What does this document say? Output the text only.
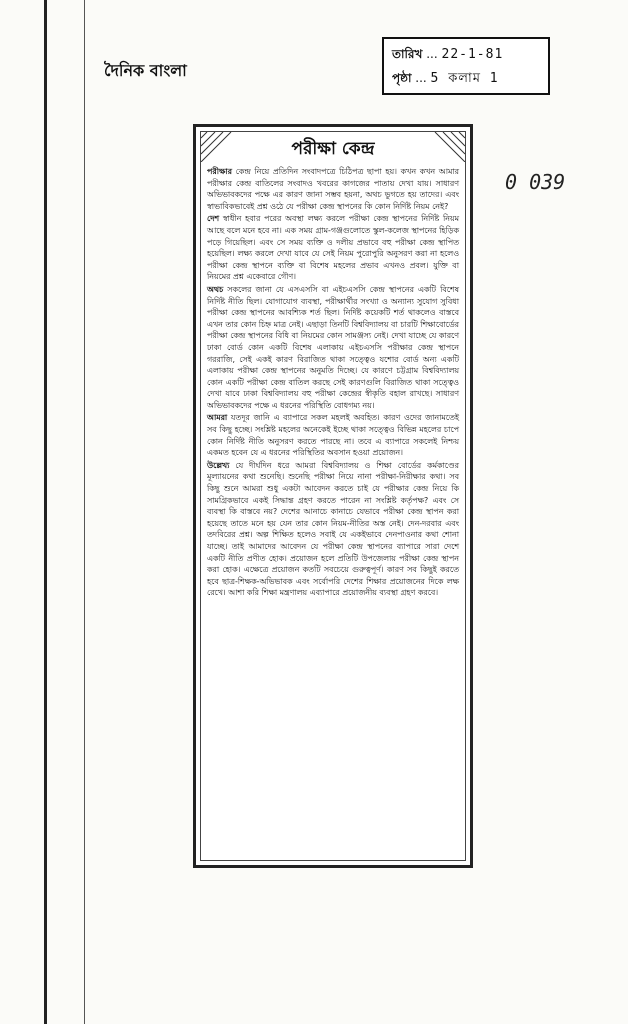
দৈনিক বাংলা
তারিখ ... 22-1-81
পৃষ্ঠা ... 5 কলাম 1
0 039
পরীক্ষা কেন্দ্র

পরীক্ষার কেন্দ্র নিয়ে প্রতিদিন সংবাদপত্রে চিঠিপত্র ছাপা হয়। কখন কখন আমার পরীক্ষার কেন্দ্র বাতিলের সংবাদও খবরের কাগজের পাতায় দেখা যায়। সাধারণ অভিভাবকদের পক্ষে এর কারণ জানা সম্ভব হয়না, অথচ ভুগতে হয় তাদের। এবং স্বাভাবিকভাবেই প্রশ্ন ওঠে যে পরীক্ষা কেন্দ্র স্থাপনের কি কোন নির্দিষ্ট নিয়ম নেই?

দেশ স্বাধীন হবার পরের অবস্থা লক্ষ্য করলে পরীক্ষা কেন্দ্র স্থাপনের নির্দিষ্ট নিয়ম আছে বলে মনে হবে না। এক সময় গ্রাম-গঞ্জগুলোতে স্কুল-কলেজ স্থাপনের হিড়িক পড়ে গিয়েছিল। এবং সে সময় ব্যক্তি ও দলীয় প্রভাবে বহু পরীক্ষা কেন্দ্র স্থাপিত হয়েছিল। লক্ষ্য করলে দেখা যাবে যে সেই নিয়ম পুরোপুরি অনুসরণ করা না হলেও পরীক্ষা কেন্দ্র স্থাপনে ব্যক্তি বা বিশেষ মহলের প্রভাব এখনও প্রবল। যুক্তি বা নিয়মের প্রশ্ন একেবারে গৌণ।

অথচ সকলের জানা যে এসএসসি বা এইচএসসি কেন্দ্র স্থাপনের একটি বিশেষ নির্দিষ্ট নীতি ছিল। যোগাযোগ ব্যবস্থা, পরীক্ষার্থীর সংখ্যা ও অন্যান্য সুযোগ সুবিধা পরীক্ষা কেন্দ্র স্থাপনের আবশ্যিক শর্ত ছিল। নির্দিষ্ট কয়েকটি শর্ত থাকলেও বাস্তবে এখন তার কোন চিহ্ন মাত্র নেই। এছাড়া তিনটি বিশ্ববিদ্যালয় বা চারটি শিক্ষাবোর্ডের পরীক্ষা কেন্দ্র স্থাপনের বিধি বা নিয়মের কোন সামঞ্জস্য নেই। দেখা যাচ্ছে যে কারণে ঢাকা বোর্ড কোন একটি বিশেষ এলাকায় এইচএসসি পরীক্ষার কেন্দ্র স্থাপনে গররাজি, সেই একই কারণ বিরাজিত থাকা সত্ত্বেও যশোর বোর্ড অন্য একটি এলাকায় পরীক্ষা কেন্দ্র স্থাপনের অনুমতি দিচ্ছে। যে কারণে চট্টগ্রাম বিশ্ববিদ্যালয় কোন একটি পরীক্ষা কেন্দ্র বাতিল করছে সেই কারণগুলি বিরাজিত থাকা সত্ত্বেও দেখা যাবে ঢাকা বিশ্ববিদ্যালয় বহু পরীক্ষা কেন্দ্রের স্বীকৃতি বহাল রাখছে। সাধারণ অভিভাবকদের পক্ষে এ ধরনের পরিস্থিতি বোধগম্য নয়।

আমরা যতদূর জানি এ ব্যাপারে সকল মহলই অবহিত। কারণ ওদের জানামতেই সব কিছু হচ্ছে। সংশ্লিষ্ট মহলের অনেকেই ইচ্ছে থাকা সত্ত্বেও বিভিন্ন মহলের চাপে কোন নির্দিষ্ট নীতি অনুসরণ করতে পারছে না। তবে এ ব্যাপারে সকলেই নিশ্চয় একমত হবেন যে এ ধরনের পরিস্থিতির অবসান হওয়া প্রয়োজন।

উল্লেখ্য যে দীর্ঘদিন ধরে আমরা বিশ্ববিদ্যালয় ও শিক্ষা বোর্ডের কর্মকাণ্ডের মূল্যায়নের কথা শুনেছি। শুনেছি পরীক্ষা নিয়ে নানা পরীক্ষা-নিরীক্ষার কথা। সব কিছু শুনে আমরা শুধু একটা আবেদন করতে চাই যে পরীক্ষার কেন্দ্র নিয়ে কি সামগ্রিকভাবে একই সিদ্ধান্ত গ্রহণ করতে পারেন না সংশ্লিষ্ট কর্তৃপক্ষ? এবং সে ব্যবস্থা কি বাস্তবে নয়? দেশের আনাচে কানাচে যেভাবে পরীক্ষা কেন্দ্র স্থাপন করা হয়েছে তাতে মনে হয় যেন তার কোন নিয়ম-নীতির অস্ত নেই। দেন-দরবার এবং তদবিরের প্রশ্ন। অল্প শিক্ষিত হলেও সবাই যে একইভাবে দেনপাওনার কথা শোনা যাচ্ছে। তাই আমাদের আবেদন যে পরীক্ষা কেন্দ্র স্থাপনের ব্যাপারে সারা দেশে একটি নীতি প্রণীত হোক। প্রয়োজন হলে প্রতিটি উপজেলায় পরীক্ষা কেন্দ্র স্থাপন করা হোক। এক্ষেত্রে প্রয়োজন কতটি সবচেয়ে গুরুত্বপূর্ণ। কারণ সব কিছুই করতে হবে ছাত্র-শিক্ষক-অভিভাবক এবং সর্বোপরি দেশের শিক্ষার প্রয়োজনের দিকে লক্ষ রেখে। আশা করি শিক্ষা মন্ত্রণালয় এব্যাপারে প্রয়োজনীয় ব্যবস্থা গ্রহণ করবে।
